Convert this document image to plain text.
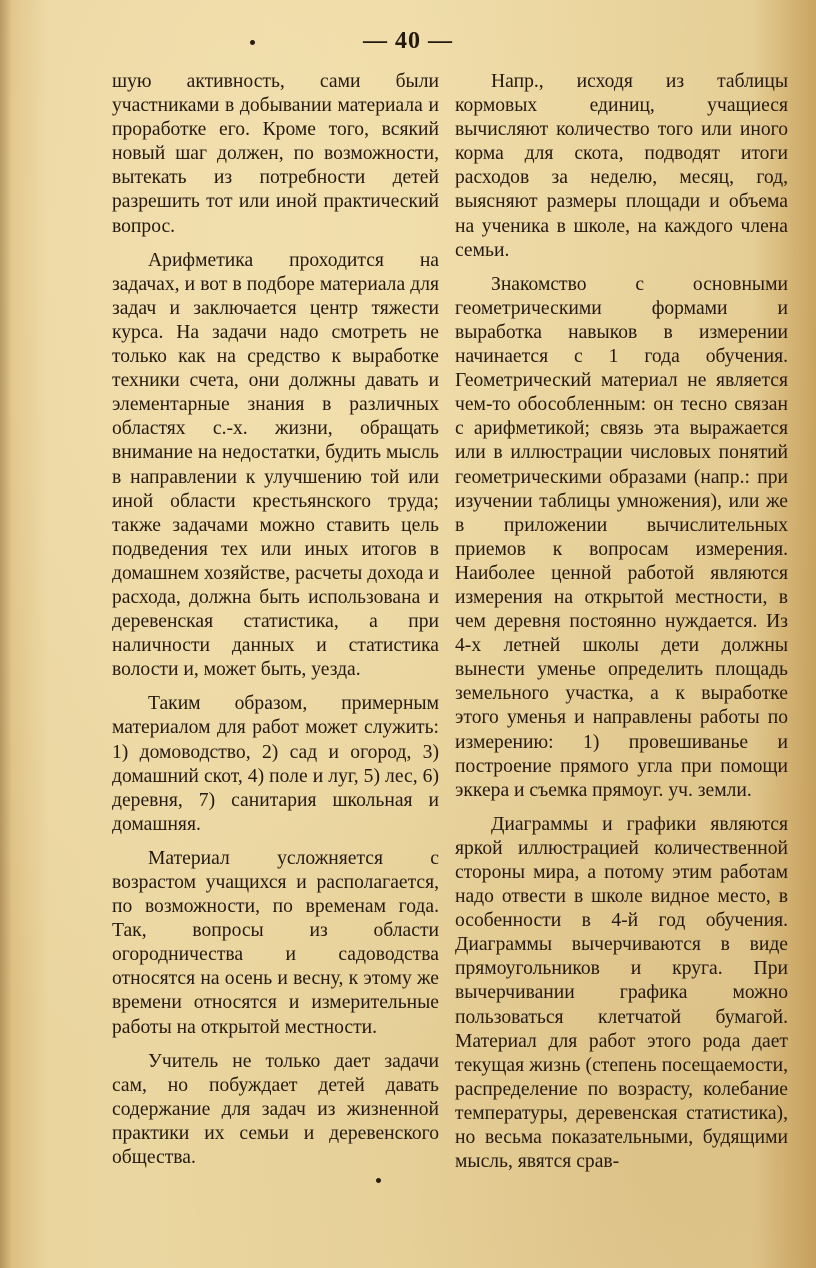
— 40 —

шую активность, сами были участниками в добывании материала и проработке его. Кроме того, всякий новый шаг должен, по возможности, вытекать из потребности детей разрешить тот или иной практический вопрос.

Арифметика проходится на задачах, и вот в подборе материала для задач и заключается центр тяжести курса. На задачи надо смотреть не только как на средство к выработке техники счета, они должны давать и элементарные знания в различных областях с.-х. жизни, обращать внимание на недостатки, будить мысль в направлении к улучшению той или иной области крестьянского труда; также задачами можно ставить цель подведения тех или иных итогов в домашнем хозяйстве, расчеты дохода и расхода, должна быть использована и деревенская статистика, а при наличности данных и статистика волости и, может быть, уезда.

Таким образом, примерным материалом для работ может служить: 1) домоводство, 2) сад и огород, 3) домашний скот, 4) поле и луг, 5) лес, 6) деревня, 7) санитария школьная и домашняя.

Материал усложняется с возрастом учащихся и располагается, по возможности, по временам года. Так, вопросы из области огородничества и садоводства относятся на осень и весну, к этому же времени относятся и измерительные работы на открытой местности.

Учитель не только дает задачи сам, но побуждает детей давать содержание для задач из жизненной практики их семьи и деревенского общества.

Напр., исходя из таблицы кормовых единиц, учащиеся вычисляют количество того или иного корма для скота, подводят итоги расходов за неделю, месяц, год, выясняют размеры площади и объема на ученика в школе, на каждого члена семьи.

Знакомство с основными геометрическими формами и выработка навыков в измерении начинается с 1 года обучения. Геометрический материал не является чем-то обособленным: он тесно связан с арифметикой; связь эта выражается или в иллюстрации числовых понятий геометрическими образами (напр.: при изучении таблицы умножения), или же в приложении вычислительных приемов к вопросам измерения. Наиболее ценной работой являются измерения на открытой местности, в чем деревня постоянно нуждается. Из 4-х летней школы дети должны вынести уменье определить площадь земельного участка, а к выработке этого уменья и направлены работы по измерению: 1) провешиванье и построение прямого угла при помощи эккера и съемка прямоуг. уч. земли.

Диаграммы и графики являются яркой иллюстрацией количественной стороны мира, а потому этим работам надо отвести в школе видное место, в особенности в 4-й год обучения. Диаграммы вычерчиваются в виде прямоугольников и круга. При вычерчивании графика можно пользоваться клетчатой бумагой. Материал для работ этого рода дает текущая жизнь (степень посещаемости, распределение по возрасту, колебание температуры, деревенская статистика), но весьма показательными, будящими мысль, явятся срав-
